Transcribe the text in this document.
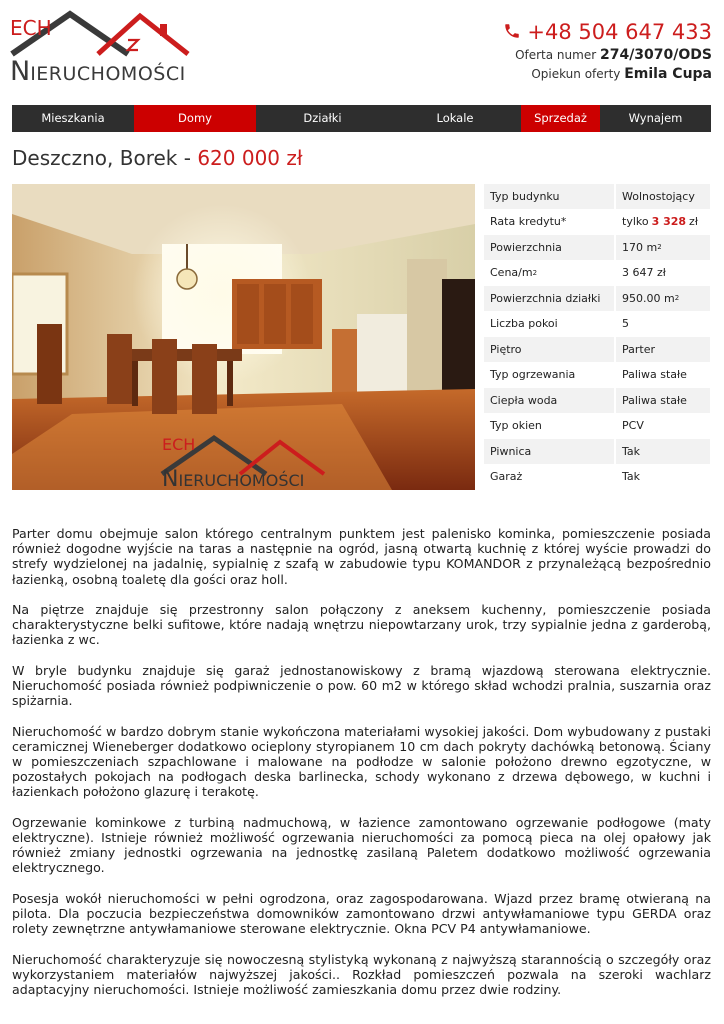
ECH
NIERUCHOMOŚCI
+48 504 647 433
Oferta numer 274/3070/ODS
Opiekun oferty Emila Cupa
Mieszkania	Domy	Działki	Lokale	Sprzedaż	Wynajem
Deszczno, Borek - 620 000 zł
ECH
NIERUCHOMOŚCI
Typ budynku	Wolnostojący
Rata kredytu*	tylko 3 328 zł
Powierzchnia	170 m 2
Cena/m 2	3 647 zł
Powierzchnia działki	950.00 m 2
Liczba pokoi	5
Piętro	Parter
Typ ogrzewania	Paliwa stałe
Ciepła woda	Paliwa stałe
Typ okien	PCV
Piwnica	Tak
Garaż	Tak

Parter domu obejmuje salon którego centralnym punktem jest palenisko kominka, pomieszczenie posiada również dogodne wyjście na taras a następnie na ogród, jasną otwartą kuchnię z której wyście prowadzi do strefy wydzielonej na jadalnię, sypialnię z szafą w zabudowie typu KOMANDOR z przynależącą bezpośrednio łazienką, osobną toaletę dla gości oraz holl.

Na piętrze znajduje się przestronny salon połączony z aneksem kuchenny, pomieszczenie posiada charakterystyczne belki sufitowe, które nadają wnętrzu niepowtarzany urok, trzy sypialnie jedna z garderobą, łazienka z wc.

W bryle budynku znajduje się garaż jednostanowiskowy z bramą wjazdową sterowana elektrycznie. Nieruchomość posiada również podpiwniczenie o pow. 60 m2 w którego skład wchodzi pralnia, suszarnia oraz spiżarnia.

Nieruchomość w bardzo dobrym stanie wykończona materiałami wysokiej jakości. Dom wybudowany z pustaki ceramicznej Wieneberger dodatkowo ocieplony styropianem 10 cm dach pokryty dachówką betonową. Ściany w pomieszczeniach szpachlowane i malowane na podłodze w salonie położono drewno egzotyczne, w pozostałych pokojach na podłogach deska barlinecka, schody wykonano z drzewa dębowego, w kuchni i łazienkach położono glazurę i terakotę.

Ogrzewanie kominkowe z turbiną nadmuchową, w łazience zamontowano ogrzewanie podłogowe (maty elektryczne). Istnieje również możliwość ogrzewania nieruchomości za pomocą pieca na olej opałowy jak również zmiany jednostki ogrzewania na jednostkę zasilaną Paletem dodatkowo możliwość ogrzewania elektrycznego.

Posesja wokół nieruchomości w pełni ogrodzona, oraz zagospodarowana. Wjazd przez bramę otwieraną na pilota. Dla poczucia bezpieczeństwa domowników zamontowano drzwi antywłamaniowe typu GERDA oraz rolety zewnętrzne antywłamaniowe sterowane elektrycznie. Okna PCV P4 antywłamaniowe.

Nieruchomość charakteryzuje się nowoczesną stylistyką wykonaną z najwyższą starannością o szczegóły oraz wykorzystaniem materiałów najwyższej jakości.. Rozkład pomieszczeń pozwala na szeroki wachlarz adaptacyjny nieruchomości. Istnieje możliwość zamieszkania domu przez dwie rodziny.
